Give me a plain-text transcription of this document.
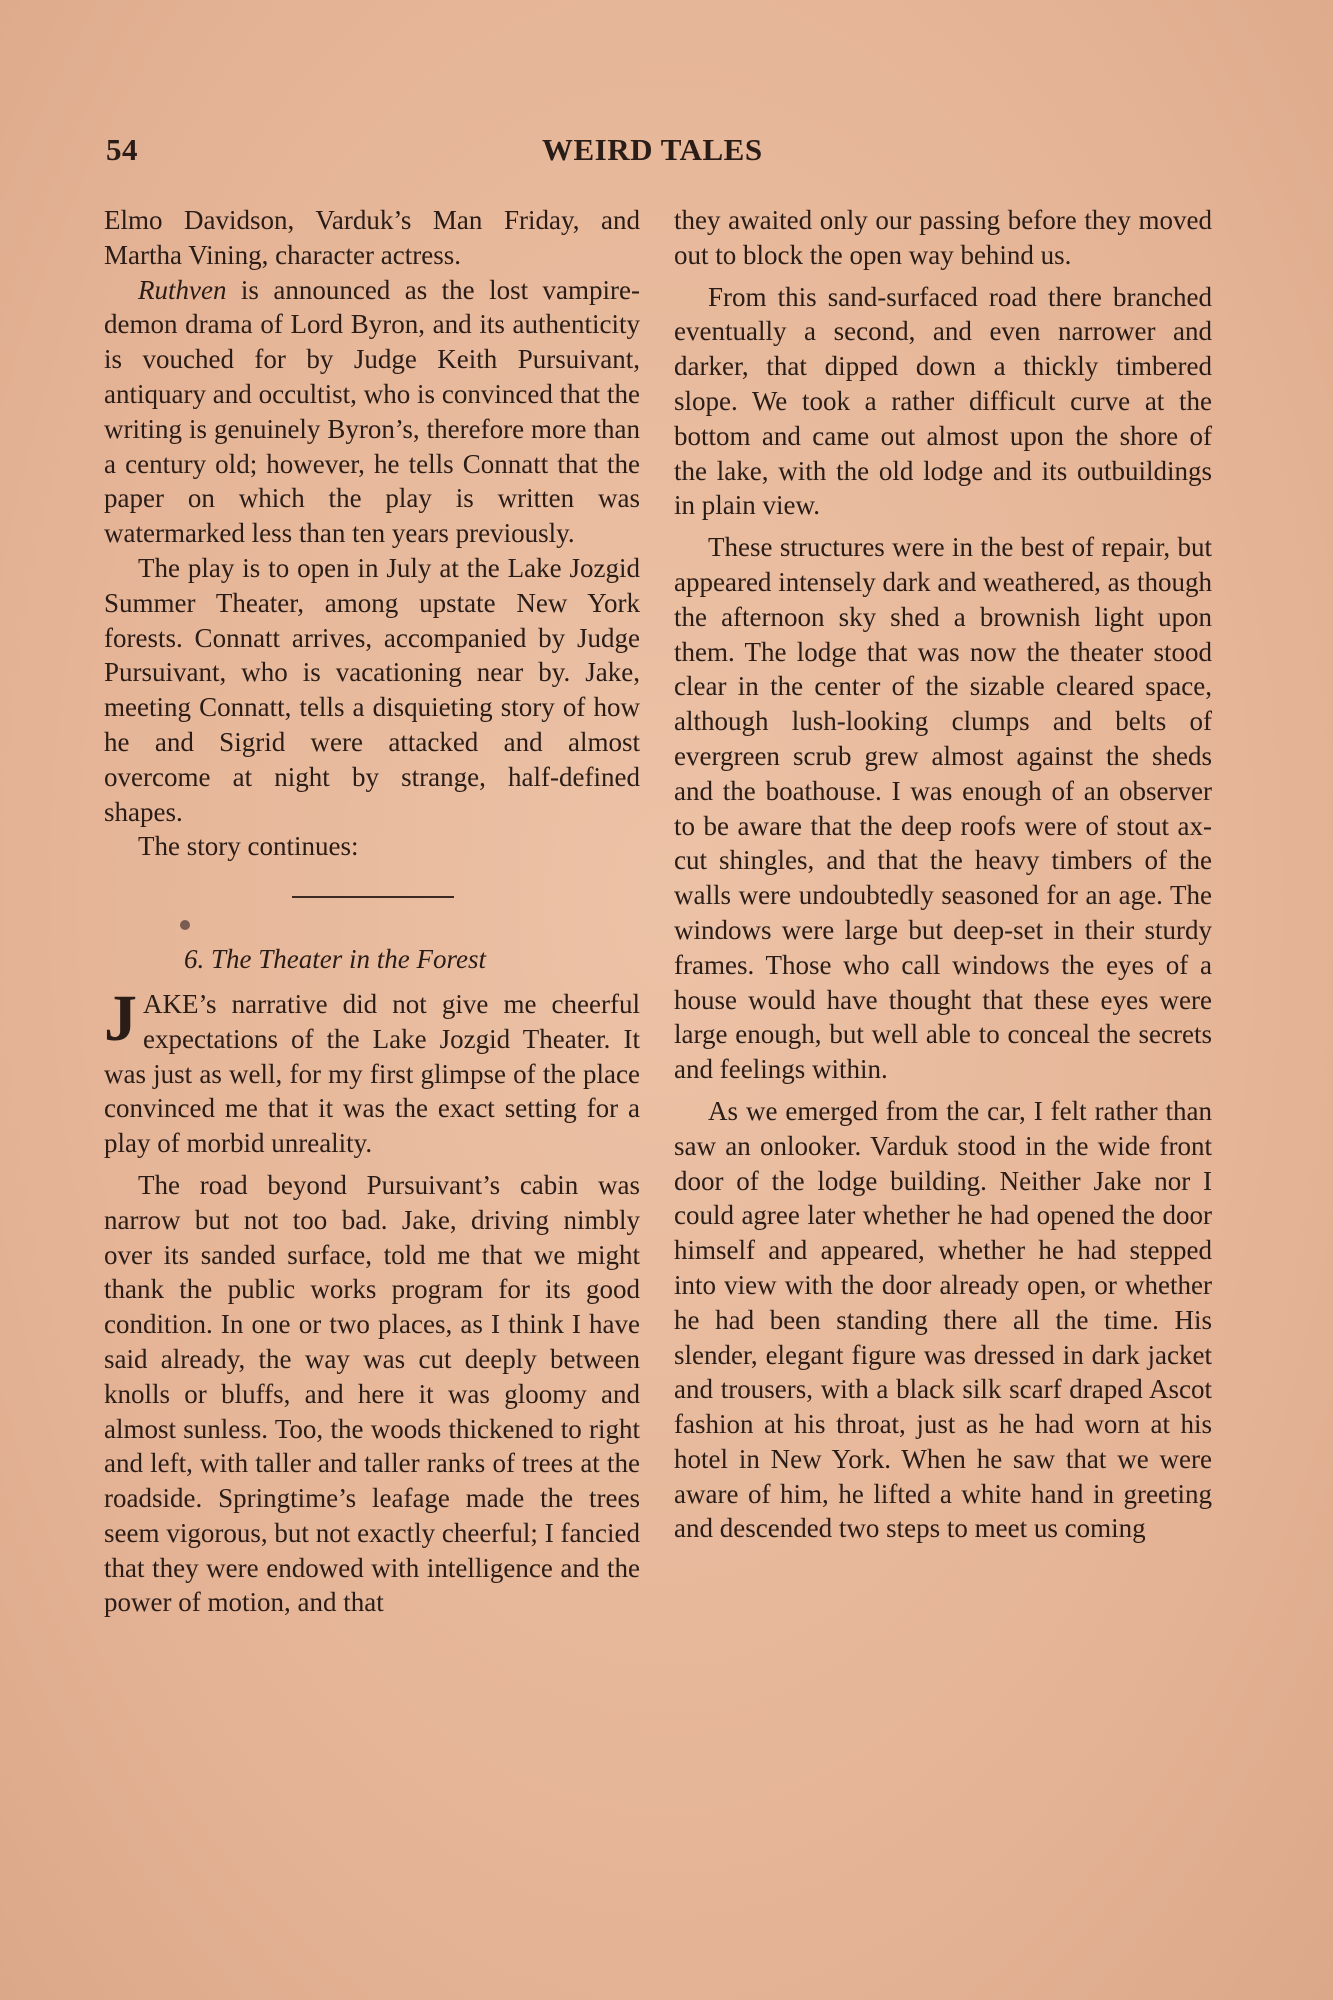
54	WEIRD TALES

Elmo Davidson, Varduk’s Man Friday, and Martha Vining, character actress.

Ruthven is announced as the lost vampire-demon drama of Lord Byron, and its authenticity is vouched for by Judge Keith Pursuivant, antiquary and occultist, who is convinced that the writing is genuinely Byron’s, therefore more than a century old; however, he tells Connatt that the paper on which the play is written was watermarked less than ten years previously.

The play is to open in July at the Lake Jozgid Summer Theater, among upstate New York forests. Connatt arrives, accompanied by Judge Pursuivant, who is vacationing near by. Jake, meeting Connatt, tells a disquieting story of how he and Sigrid were attacked and almost overcome at night by strange, half-defined shapes.

The story continues:

6. The Theater in the Forest

JAKE’s narrative did not give me cheerful expectations of the Lake Jozgid Theater. It was just as well, for my first glimpse of the place convinced me that it was the exact setting for a play of morbid unreality.

The road beyond Pursuivant’s cabin was narrow but not too bad. Jake, driving nimbly over its sanded surface, told me that we might thank the public works program for its good condition. In one or two places, as I think I have said already, the way was cut deeply between knolls or bluffs, and here it was gloomy and almost sunless. Too, the woods thickened to right and left, with taller and taller ranks of trees at the roadside. Springtime’s leafage made the trees seem vigorous, but not exactly cheerful; I fancied that they were endowed with intelligence and the power of motion, and that

they awaited only our passing before they moved out to block the open way behind us.

From this sand-surfaced road there branched eventually a second, and even narrower and darker, that dipped down a thickly timbered slope. We took a rather difficult curve at the bottom and came out almost upon the shore of the lake, with the old lodge and its outbuildings in plain view.

These structures were in the best of repair, but appeared intensely dark and weathered, as though the afternoon sky shed a brownish light upon them. The lodge that was now the theater stood clear in the center of the sizable cleared space, although lush-looking clumps and belts of evergreen scrub grew almost against the sheds and the boathouse. I was enough of an observer to be aware that the deep roofs were of stout ax-cut shingles, and that the heavy timbers of the walls were undoubtedly seasoned for an age. The windows were large but deep-set in their sturdy frames. Those who call windows the eyes of a house would have thought that these eyes were large enough, but well able to conceal the secrets and feelings within.

As we emerged from the car, I felt rather than saw an onlooker. Varduk stood in the wide front door of the lodge building. Neither Jake nor I could agree later whether he had opened the door himself and appeared, whether he had stepped into view with the door already open, or whether he had been standing there all the time. His slender, elegant figure was dressed in dark jacket and trousers, with a black silk scarf draped Ascot fashion at his throat, just as he had worn at his hotel in New York. When he saw that we were aware of him, he lifted a white hand in greeting and descended two steps to meet us coming
